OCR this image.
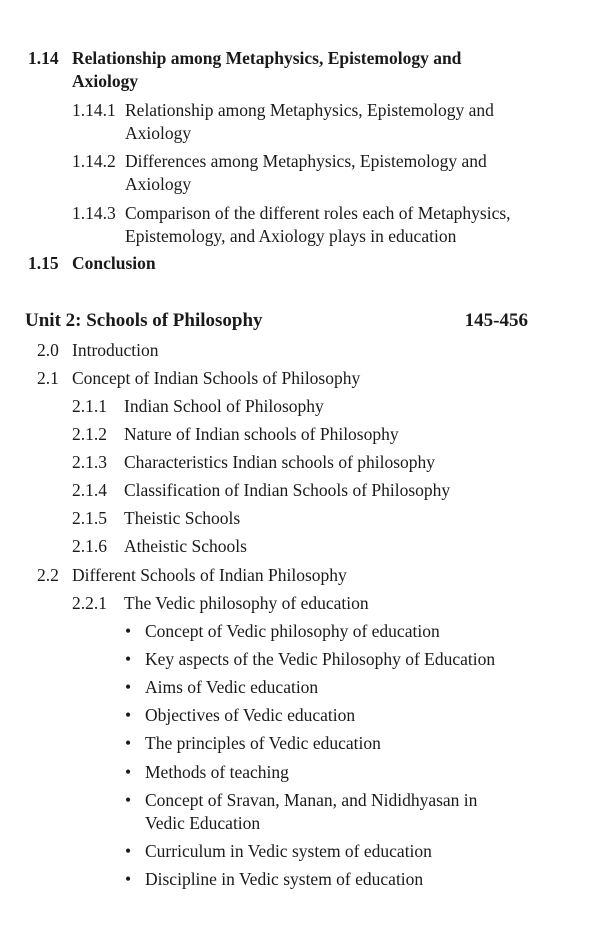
1.14 Relationship among Metaphysics, Epistemology and
Axiology
1.14.1 Relationship among Metaphysics, Epistemology and
Axiology
1.14.2 Differences among Metaphysics, Epistemology and
Axiology
1.14.3 Comparison of the different roles each of Metaphysics,
Epistemology, and Axiology plays in education
1.15 Conclusion
Unit 2: Schools of Philosophy	145-456
2.0 Introduction
2.1 Concept of Indian Schools of Philosophy
2.1.1 Indian School of Philosophy
2.1.2 Nature of Indian schools of Philosophy
2.1.3 Characteristics Indian schools of philosophy
2.1.4 Classification of Indian Schools of Philosophy
2.1.5 Theistic Schools
2.1.6 Atheistic Schools
2.2 Different Schools of Indian Philosophy
2.2.1 The Vedic philosophy of education
• Concept of Vedic philosophy of education
• Key aspects of the Vedic Philosophy of Education
• Aims of Vedic education
• Objectives of Vedic education
• The principles of Vedic education
• Methods of teaching
• Concept of Sravan, Manan, and Nididhyasan in
Vedic Education
• Curriculum in Vedic system of education
• Discipline in Vedic system of education
